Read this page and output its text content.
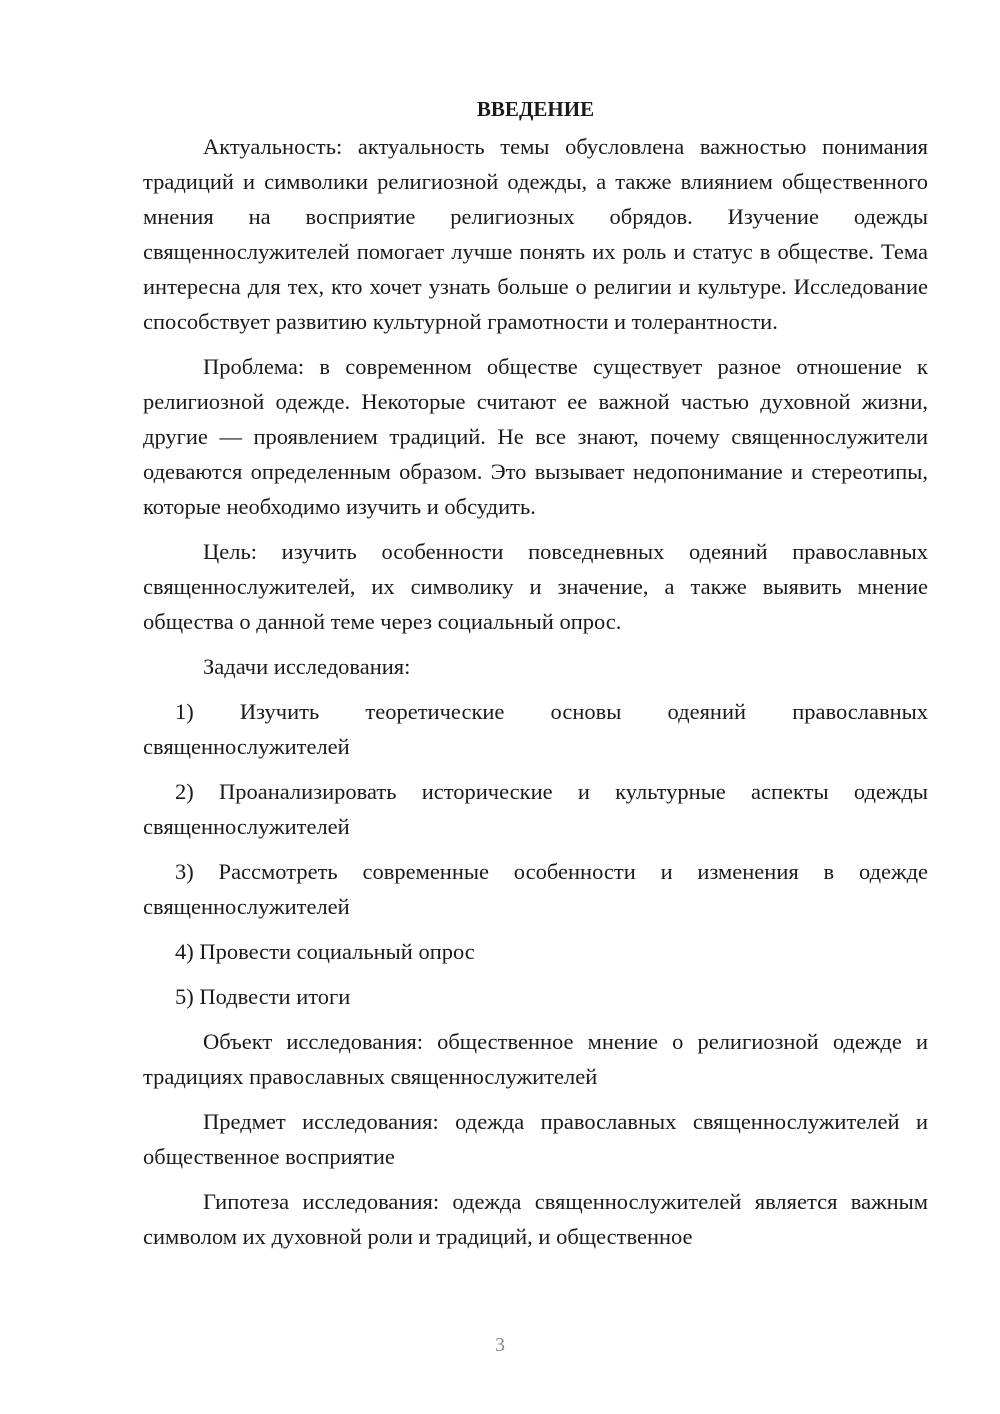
ВВЕДЕНИЕ

Актуальность: актуальность темы обусловлена важностью понимания традиций и символики религиозной одежды, а также влиянием общественного мнения на восприятие религиозных обрядов. Изучение одежды священнослужителей помогает лучше понять их роль и статус в обществе. Тема интересна для тех, кто хочет узнать больше о религии и культуре. Исследование способствует развитию культурной грамотности и толерантности.

Проблема: в современном обществе существует разное отношение к религиозной одежде. Некоторые считают ее важной частью духовной жизни, другие — проявлением традиций. Не все знают, почему священнослужители одеваются определенным образом. Это вызывает недопонимание и стереотипы, которые необходимо изучить и обсудить.

Цель: изучить особенности повседневных одеяний православных священнослужителей, их символику и значение, а также выявить мнение общества о данной теме через социальный опрос.

Задачи исследования:

1) Изучить теоретические основы одеяний православных священнослужителей

2) Проанализировать исторические и культурные аспекты одежды священнослужителей

3) Рассмотреть современные особенности и изменения в одежде священнослужителей

4) Провести социальный опрос

5) Подвести итоги

Объект исследования: общественное мнение о религиозной одежде и традициях православных священнослужителей

Предмет исследования: одежда православных священнослужителей и общественное восприятие

Гипотеза исследования: одежда священнослужителей является важным символом их духовной роли и традиций, и общественное

3
